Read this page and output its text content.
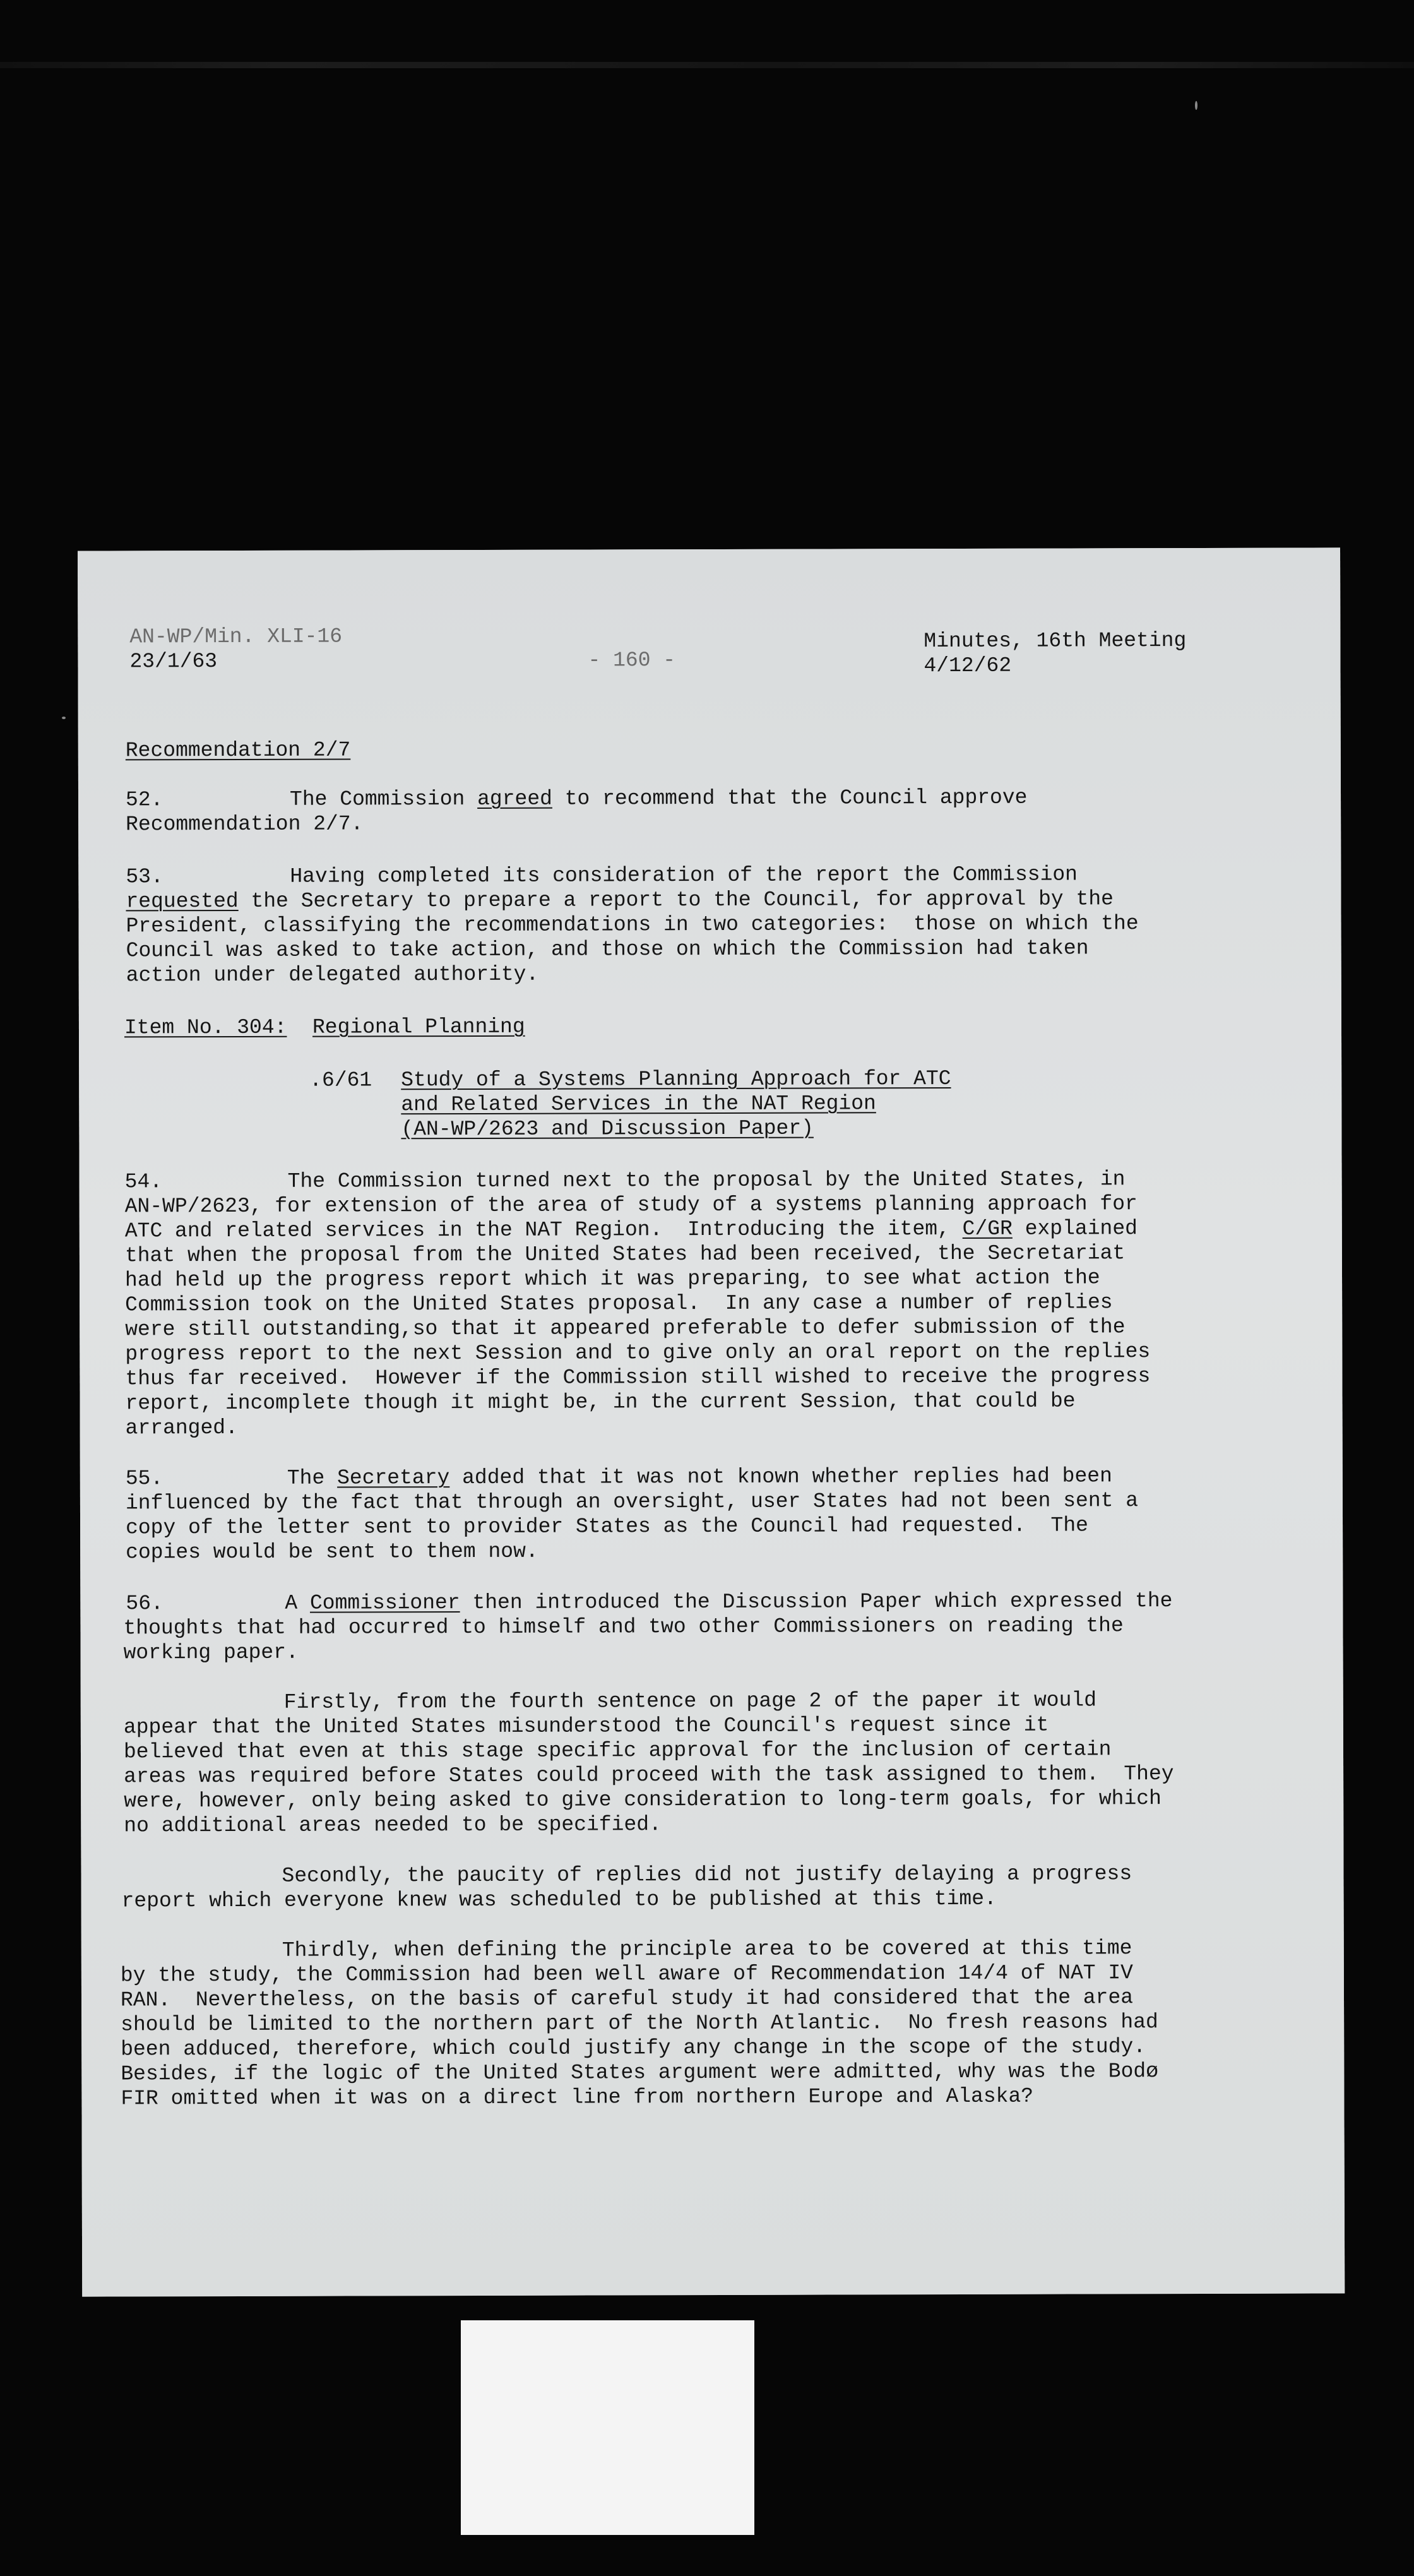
AN-WP/Min. XLI-16
23/1/63	- 160 -
Minutes, 16th Meeting
4/12/62
Recommendation 2/7
52.	The Commission agreed to recommend that the Council approve
Recommendation 2/7.
53.	Having completed its consideration of the report the Commission
requested the Secretary to prepare a report to the Council, for approval by the
President, classifying the recommendations in two categories:  those on which the
Council was asked to take action, and those on which the Commission had taken
action under delegated authority.
Item No. 304: Regional Planning
.6/61 Study of a Systems Planning Approach for ATC
and Related Services in the NAT Region
(AN-WP/2623 and Discussion Paper)
54.	The Commission turned next to the proposal by the United States, in
AN-WP/2623, for extension of the area of study of a systems planning approach for
ATC and related services in the NAT Region.  Introducing the item, C/GR explained
that when the proposal from the United States had been received, the Secretariat
had held up the progress report which it was preparing, to see what action the
Commission took on the United States proposal.  In any case a number of replies
were still outstanding,so that it appeared preferable to defer submission of the
progress report to the next Session and to give only an oral report on the replies
thus far received.  However if the Commission still wished to receive the progress
report, incomplete though it might be, in the current Session, that could be
arranged.
55.	The Secretary added that it was not known whether replies had been
influenced by the fact that through an oversight, user States had not been sent a
copy of the letter sent to provider States as the Council had requested.  The
copies would be sent to them now.
56.	A Commissioner then introduced the Discussion Paper which expressed the
thoughts that had occurred to himself and two other Commissioners on reading the
working paper.
Firstly, from the fourth sentence on page 2 of the paper it would
appear that the United States misunderstood the Council's request since it
believed that even at this stage specific approval for the inclusion of certain
areas was required before States could proceed with the task assigned to them.  They
were, however, only being asked to give consideration to long-term goals, for which
no additional areas needed to be specified.
Secondly, the paucity of replies did not justify delaying a progress
report which everyone knew was scheduled to be published at this time.
Thirdly, when defining the principle area to be covered at this time
by the study, the Commission had been well aware of Recommendation 14/4 of NAT IV
RAN.  Nevertheless, on the basis of careful study it had considered that the area
should be limited to the northern part of the North Atlantic.  No fresh reasons had
been adduced, therefore, which could justify any change in the scope of the study.
Besides, if the logic of the United States argument were admitted, why was the Bodø
FIR omitted when it was on a direct line from northern Europe and Alaska?
